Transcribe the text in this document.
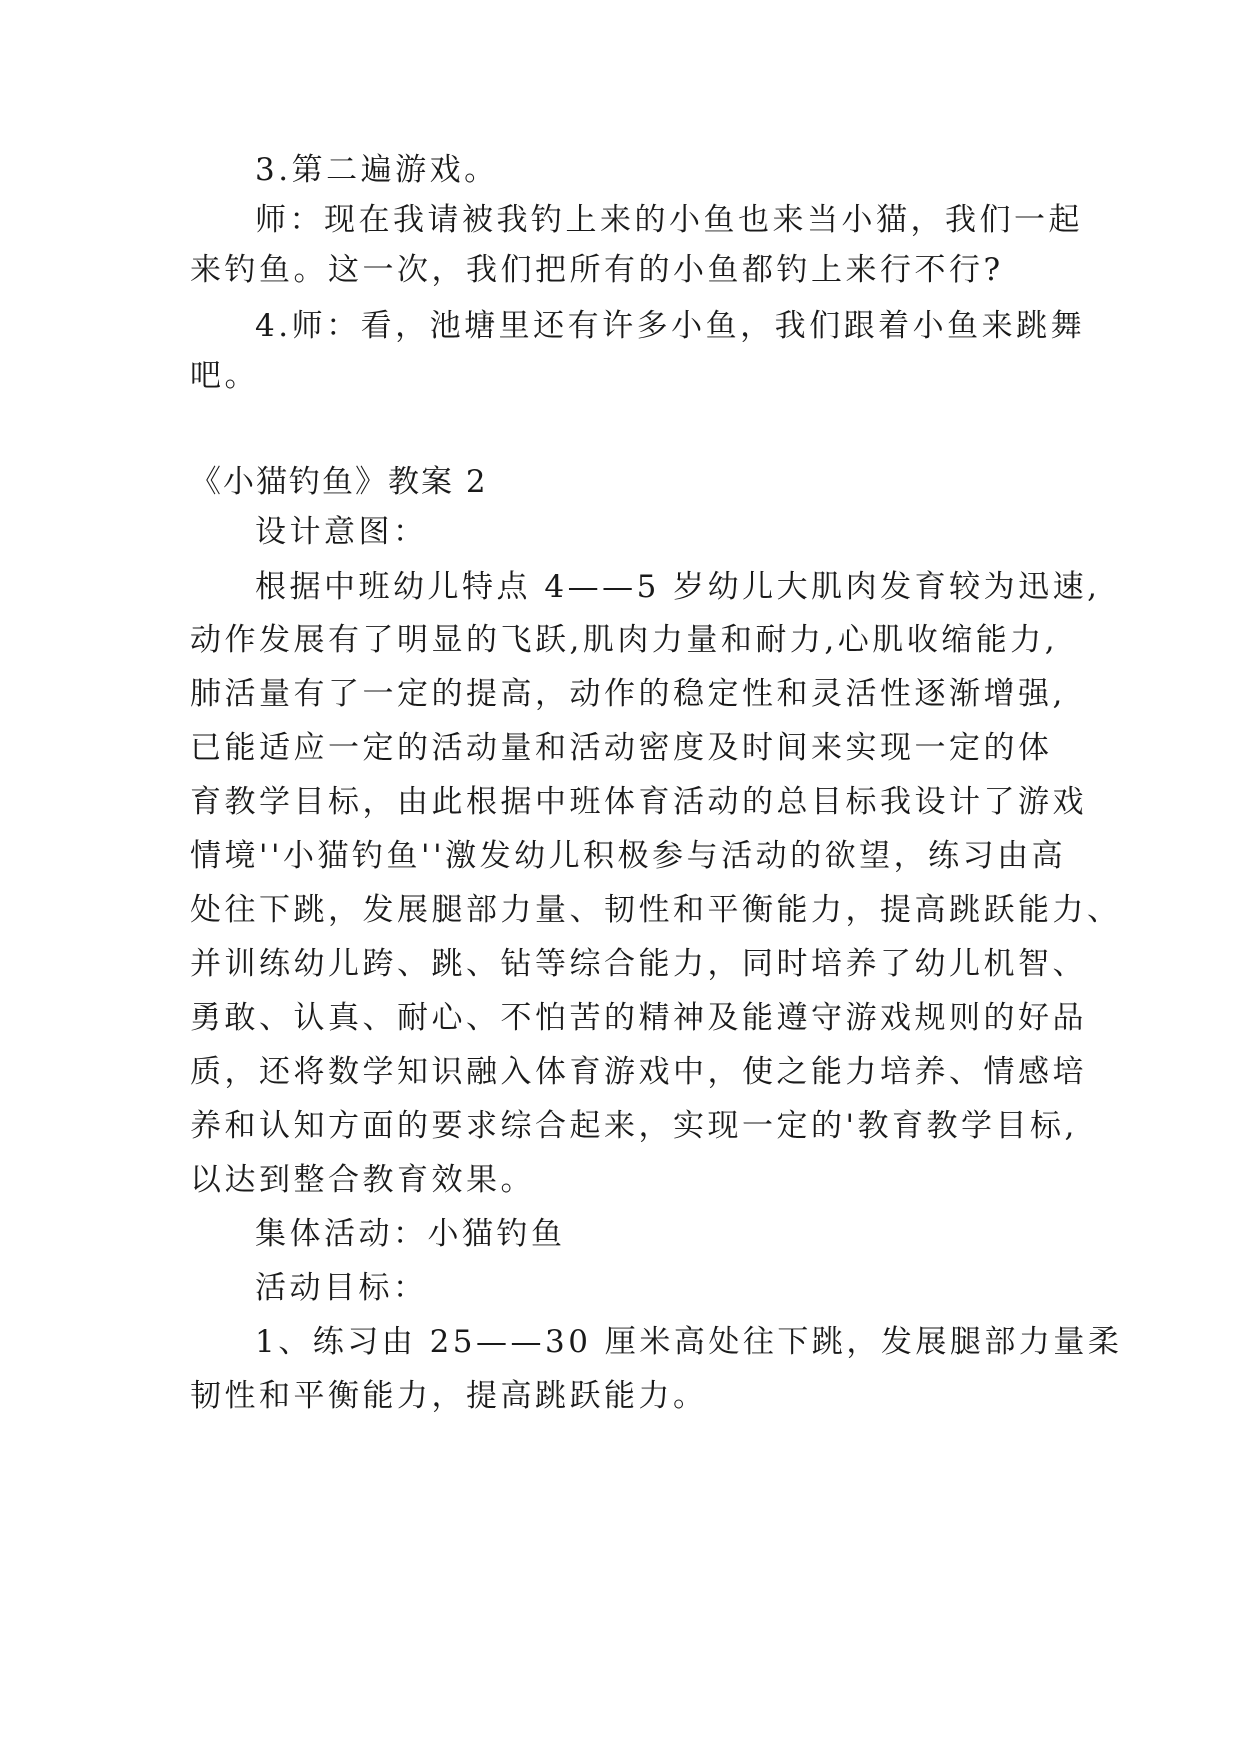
3.第二遍游戏。
师：现在我请被我钓上来的小鱼也来当小猫，我们一起
来钓鱼。这一次，我们把所有的小鱼都钓上来行不行?
4.师：看，池塘里还有许多小鱼，我们跟着小鱼来跳舞
吧。
《小猫钓鱼》教案 2
设计意图：
根据中班幼儿特点 4——5 岁幼儿大肌肉发育较为迅速,
动作发展有了明显的飞跃,肌肉力量和耐力,心肌收缩能力,
肺活量有了一定的提高，动作的稳定性和灵活性逐渐增强,
已能适应一定的活动量和活动密度及时间来实现一定的体
育教学目标，由此根据中班体育活动的总目标我设计了游戏
情境''小猫钓鱼''激发幼儿积极参与活动的欲望，练习由高
处往下跳，发展腿部力量、韧性和平衡能力，提高跳跃能力、
并训练幼儿跨、跳、钻等综合能力，同时培养了幼儿机智、
勇敢、认真、耐心、不怕苦的精神及能遵守游戏规则的好品
质，还将数学知识融入体育游戏中，使之能力培养、情感培
养和认知方面的要求综合起来，实现一定的'教育教学目标,
以达到整合教育效果。
集体活动：小猫钓鱼
活动目标：
1、练习由 25——30 厘米高处往下跳，发展腿部力量柔
韧性和平衡能力，提高跳跃能力。
